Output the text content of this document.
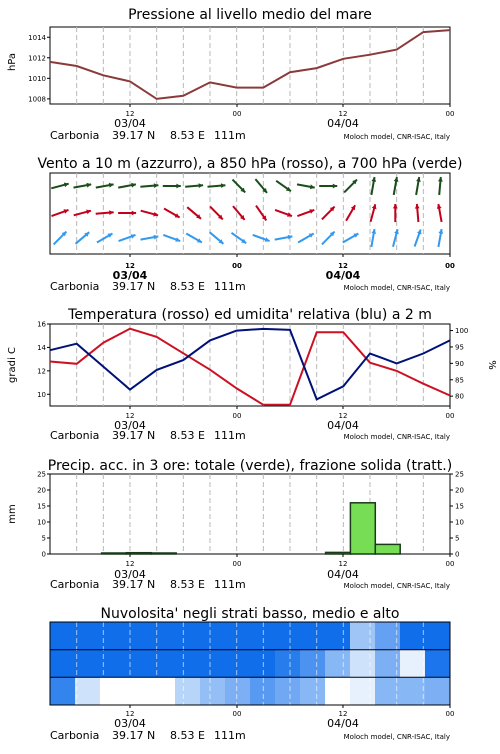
Pressione al livello medio del mare
1008
1010
1012
1014
12	00	12	00
hPa
03/04	04/04
Carbonia 39.17 N 8.53 E 111m	Moloch model, CNR-ISAC, Italy
Vento a 10 m (azzurro), a 850 hPa (rosso), a 700 hPa (verde)
12	00	12	00
03/04	04/04
Carbonia 39.17 N 8.53 E 111m	Moloch model, CNR-ISAC, Italy
Temperatura (rosso) ed umidita' relativa (blu) a 2 m
10
12
14
16
80
85
90
95
100
12	00	12	00
gradi C	%
03/04	04/04
Carbonia 39.17 N 8.53 E 111m	Moloch model, CNR-ISAC, Italy
Precip. acc. in 3 ore: totale (verde), frazione solida (tratt.)
0
5
10
15
20
25
0
5
10
15
20
25
12	00	12	00
mm
03/04	04/04
Carbonia 39.17 N 8.53 E 111m	Moloch model, CNR-ISAC, Italy
Nuvolosita' negli strati basso, medio e alto
12	00	12	00
03/04	04/04
Carbonia 39.17 N 8.53 E 111m	Moloch model, CNR-ISAC, Italy
